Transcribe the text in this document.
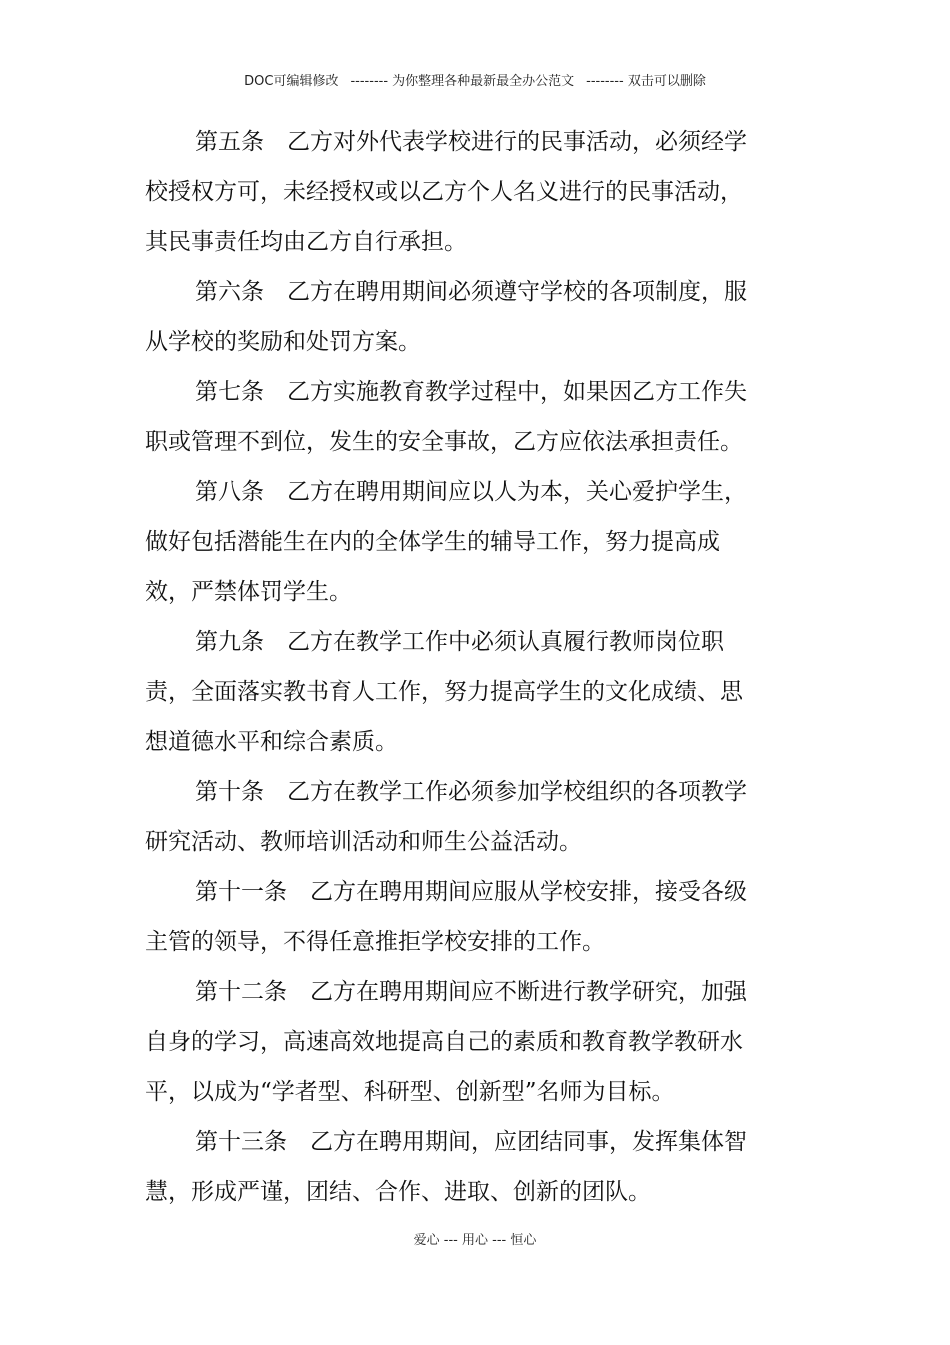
DOC可编辑修改 -------- 为你整理各种最新最全办公范文 -------- 双击可以删除
第五条　乙方对外代表学校进行的民事活动，必须经学
校授权方可，未经授权或以乙方个人名义进行的民事活动，
其民事责任均由乙方自行承担。
第六条　乙方在聘用期间必须遵守学校的各项制度，服
从学校的奖励和处罚方案。
第七条　乙方实施教育教学过程中，如果因乙方工作失
职或管理不到位，发生的安全事故，乙方应依法承担责任。
第八条　乙方在聘用期间应以人为本，关心爱护学生，
做好包括潜能生在内的全体学生的辅导工作，努力提高成
效，严禁体罚学生。
第九条　乙方在教学工作中必须认真履行教师岗位职
责，全面落实教书育人工作，努力提高学生的文化成绩、思
想道德水平和综合素质。
第十条　乙方在教学工作必须参加学校组织的各项教学
研究活动、教师培训活动和师生公益活动。
第十一条　乙方在聘用期间应服从学校安排，接受各级
主管的领导，不得任意推拒学校安排的工作。
第十二条　乙方在聘用期间应不断进行教学研究，加强
自身的学习，高速高效地提高自己的素质和教育教学教研水
平，以成为“学者型、科研型、创新型”名师为目标。
第十三条　乙方在聘用期间，应团结同事，发挥集体智
慧，形成严谨，团结、合作、进取、创新的团队。
爱心 --- 用心 --- 恒心
